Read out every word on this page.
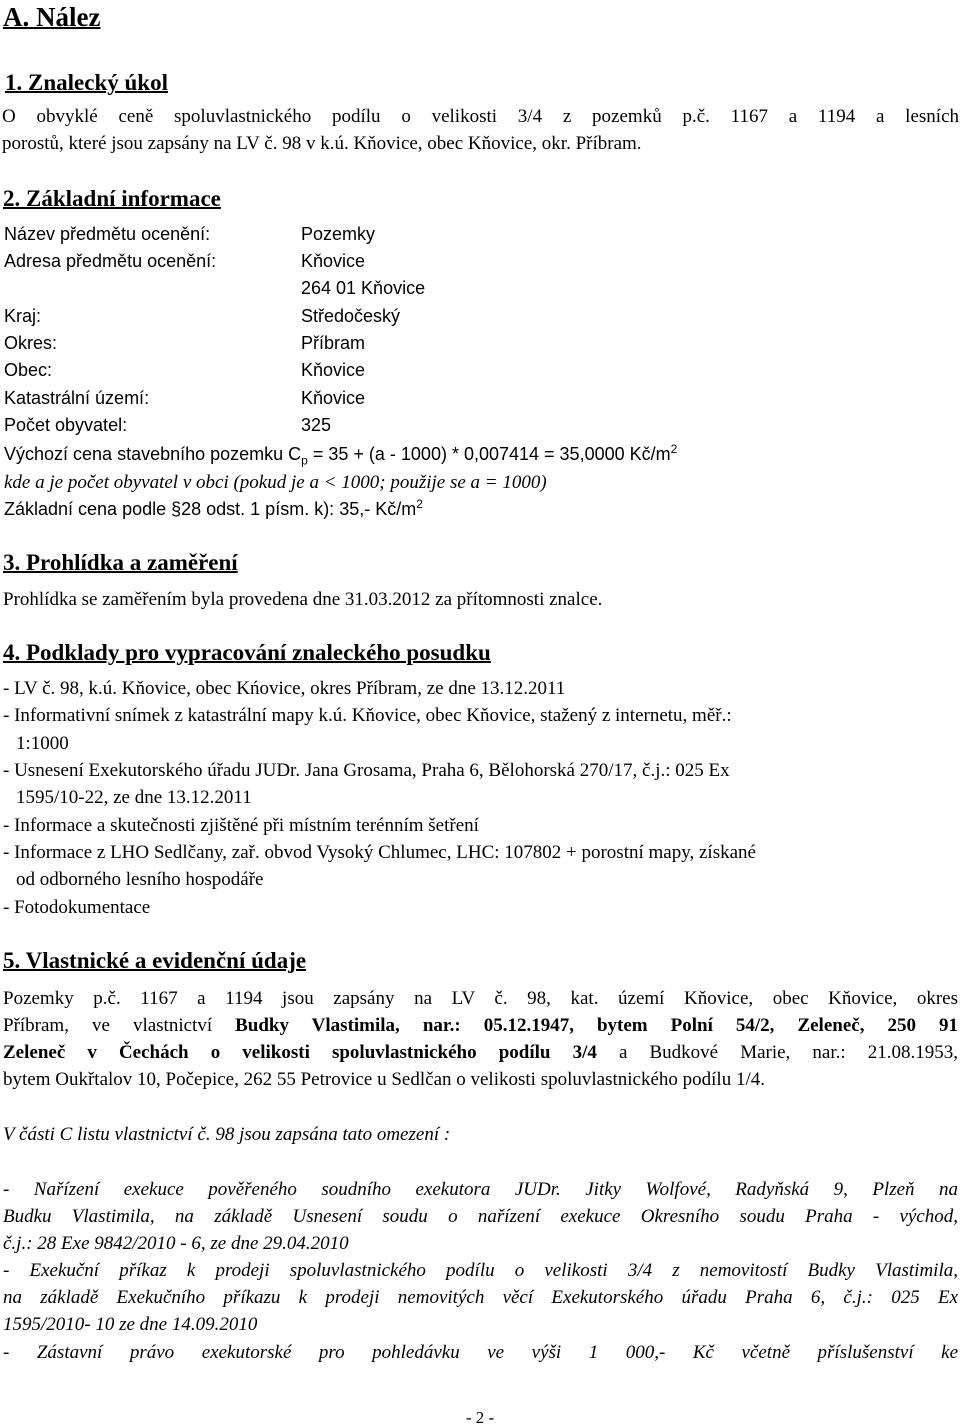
A. Nález
1. Znalecký úkol
O obvyklé ceně spoluvlastnického podílu o velikosti 3/4 z pozemků p.č. 1167 a 1194 a lesních
porostů, které jsou zapsány na LV č. 98 v k.ú. Kňovice, obec Kňovice, okr. Příbram.
2. Základní informace
Název předmětu ocenění:	Pozemky
Adresa předmětu ocenění:	Kňovice
264 01 Kňovice
Kraj:	Středočeský
Okres:	Příbram
Obec:	Kňovice
Katastrální území:	Kňovice
Počet obyvatel:	325
Výchozí cena stavebního pozemku $C_p = 35 + (a - 1000) * 0,007414 = 35,0000$ $Kč/m^2$
kde a je počet obyvatel v obci (pokud je a < 1000; použije se a = 1000)
Základní cena podle §28 odst. 1 písm. k): 35,- $Kč/m^2$
3. Prohlídka a zaměření
Prohlídka se zaměřením byla provedena dne 31.03.2012 za přítomnosti znalce.
4. Podklady pro vypracování znaleckého posudku
- LV č. 98, k.ú. Kňovice, obec Kńovice, okres Příbram, ze dne 13.12.2011
- Informativní snímek z katastrální mapy k.ú. Kňovice, obec Kňovice, stažený z internetu, měř.:
1:1000
- Usnesení Exekutorského úřadu JUDr. Jana Grosama, Praha 6, Bělohorská 270/17, č.j.: 025 Ex
1595/10-22, ze dne 13.12.2011
- Informace a skutečnosti zjištěné při místním terénním šetření
- Informace z LHO Sedlčany, zař. obvod Vysoký Chlumec, LHC: 107802 + porostní mapy, získané
od odborného lesního hospodáře
- Fotodokumentace
5. Vlastnické a evidenční údaje
Pozemky p.č. 1167 a 1194 jsou zapsány na LV č. 98, kat. území Kňovice, obec Kňovice, okres
Příbram, ve vlastnictví Budky Vlastimila, nar.: 05.12.1947, bytem Polní 54/2, Zeleneč, 250 91
Zeleneč v Čechách o velikosti spoluvlastnického podílu 3/4 a Budkové Marie, nar.: 21.08.1953,
bytem Oukřtalov 10, Počepice, 262 55 Petrovice u Sedlčan o velikosti spoluvlastnického podílu 1/4.
V části C listu vlastnictví č. 98 jsou zapsána tato omezení :
- Nařízení exekuce pověřeného soudního exekutora JUDr. Jitky Wolfové, Radyňská 9, Plzeň na
Budku Vlastimila, na základě Usnesení soudu o nařízení exekuce Okresního soudu Praha - východ,
č.j.: 28 Exe 9842/2010 - 6, ze dne 29.04.2010
- Exekuční příkaz k prodeji spoluvlastnického podílu o velikosti 3/4 z nemovitostí Budky Vlastimila,
na základě Exekučního příkazu k prodeji nemovitých věcí Exekutorského úřadu Praha 6, č.j.: 025 Ex
1595/2010- 10 ze dne 14.09.2010
- Zástavní právo exekutorské pro pohledávku ve výši 1 000,- Kč včetně příslušenství ke
- 2 -
